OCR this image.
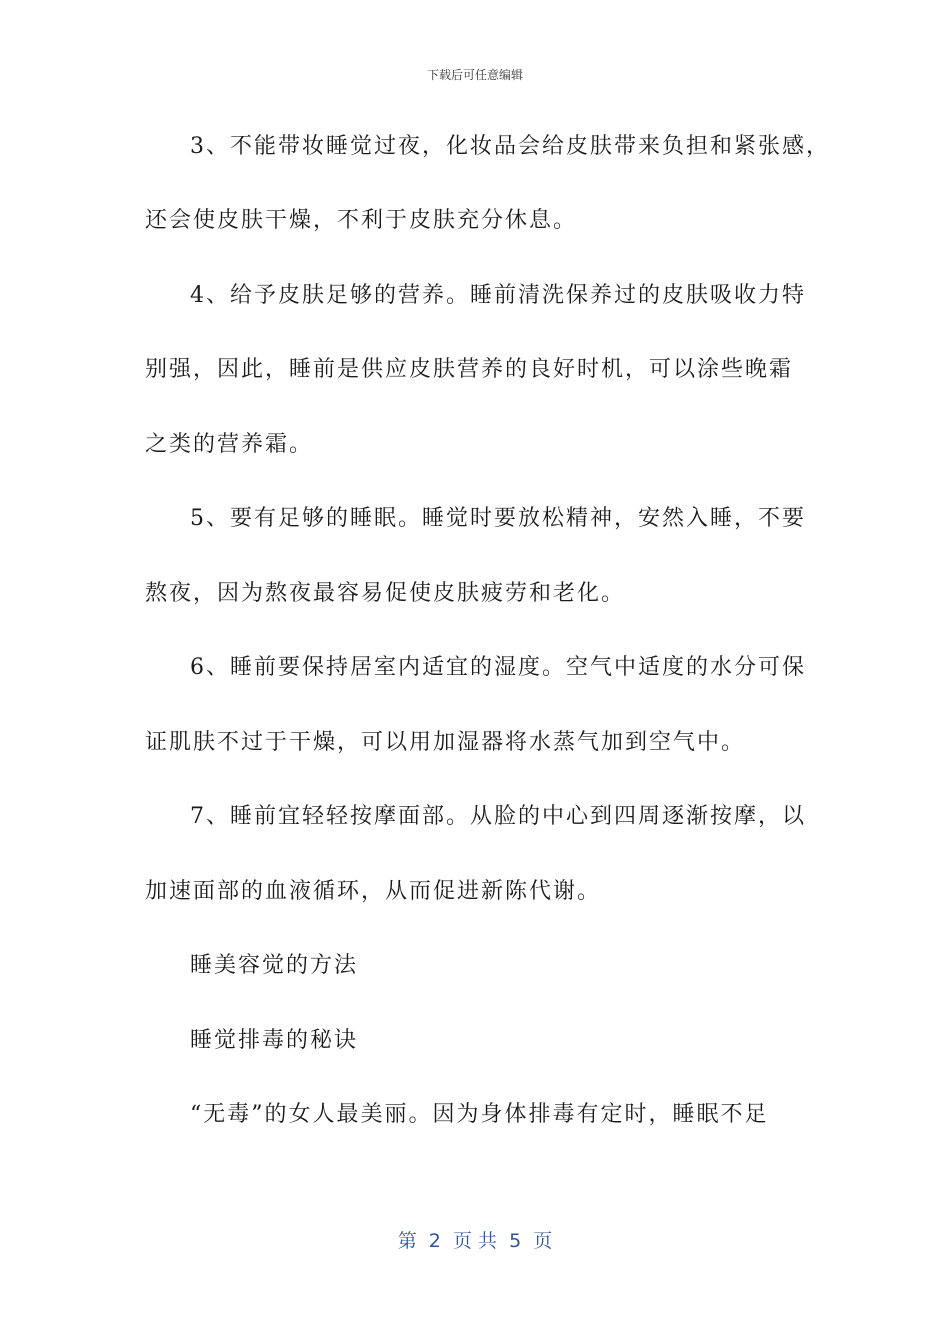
下载后可任意编辑
3、不能带妆睡觉过夜，化妆品会给皮肤带来负担和紧张感，
还会使皮肤干燥，不利于皮肤充分休息。
4、给予皮肤足够的营养。睡前清洗保养过的皮肤吸收力特
别强，因此，睡前是供应皮肤营养的良好时机，可以涂些晚霜
之类的营养霜。
5、要有足够的睡眠。睡觉时要放松精神，安然入睡，不要
熬夜，因为熬夜最容易促使皮肤疲劳和老化。
6、睡前要保持居室内适宜的湿度。空气中适度的水分可保
证肌肤不过于干燥，可以用加湿器将水蒸气加到空气中。
7、睡前宜轻轻按摩面部。从脸的中心到四周逐渐按摩，以
加速面部的血液循环，从而促进新陈代谢。
睡美容觉的方法
睡觉排毒的秘诀
“无毒”的女人最美丽。因为身体排毒有定时，睡眠不足
第  2  页 共  5  页
